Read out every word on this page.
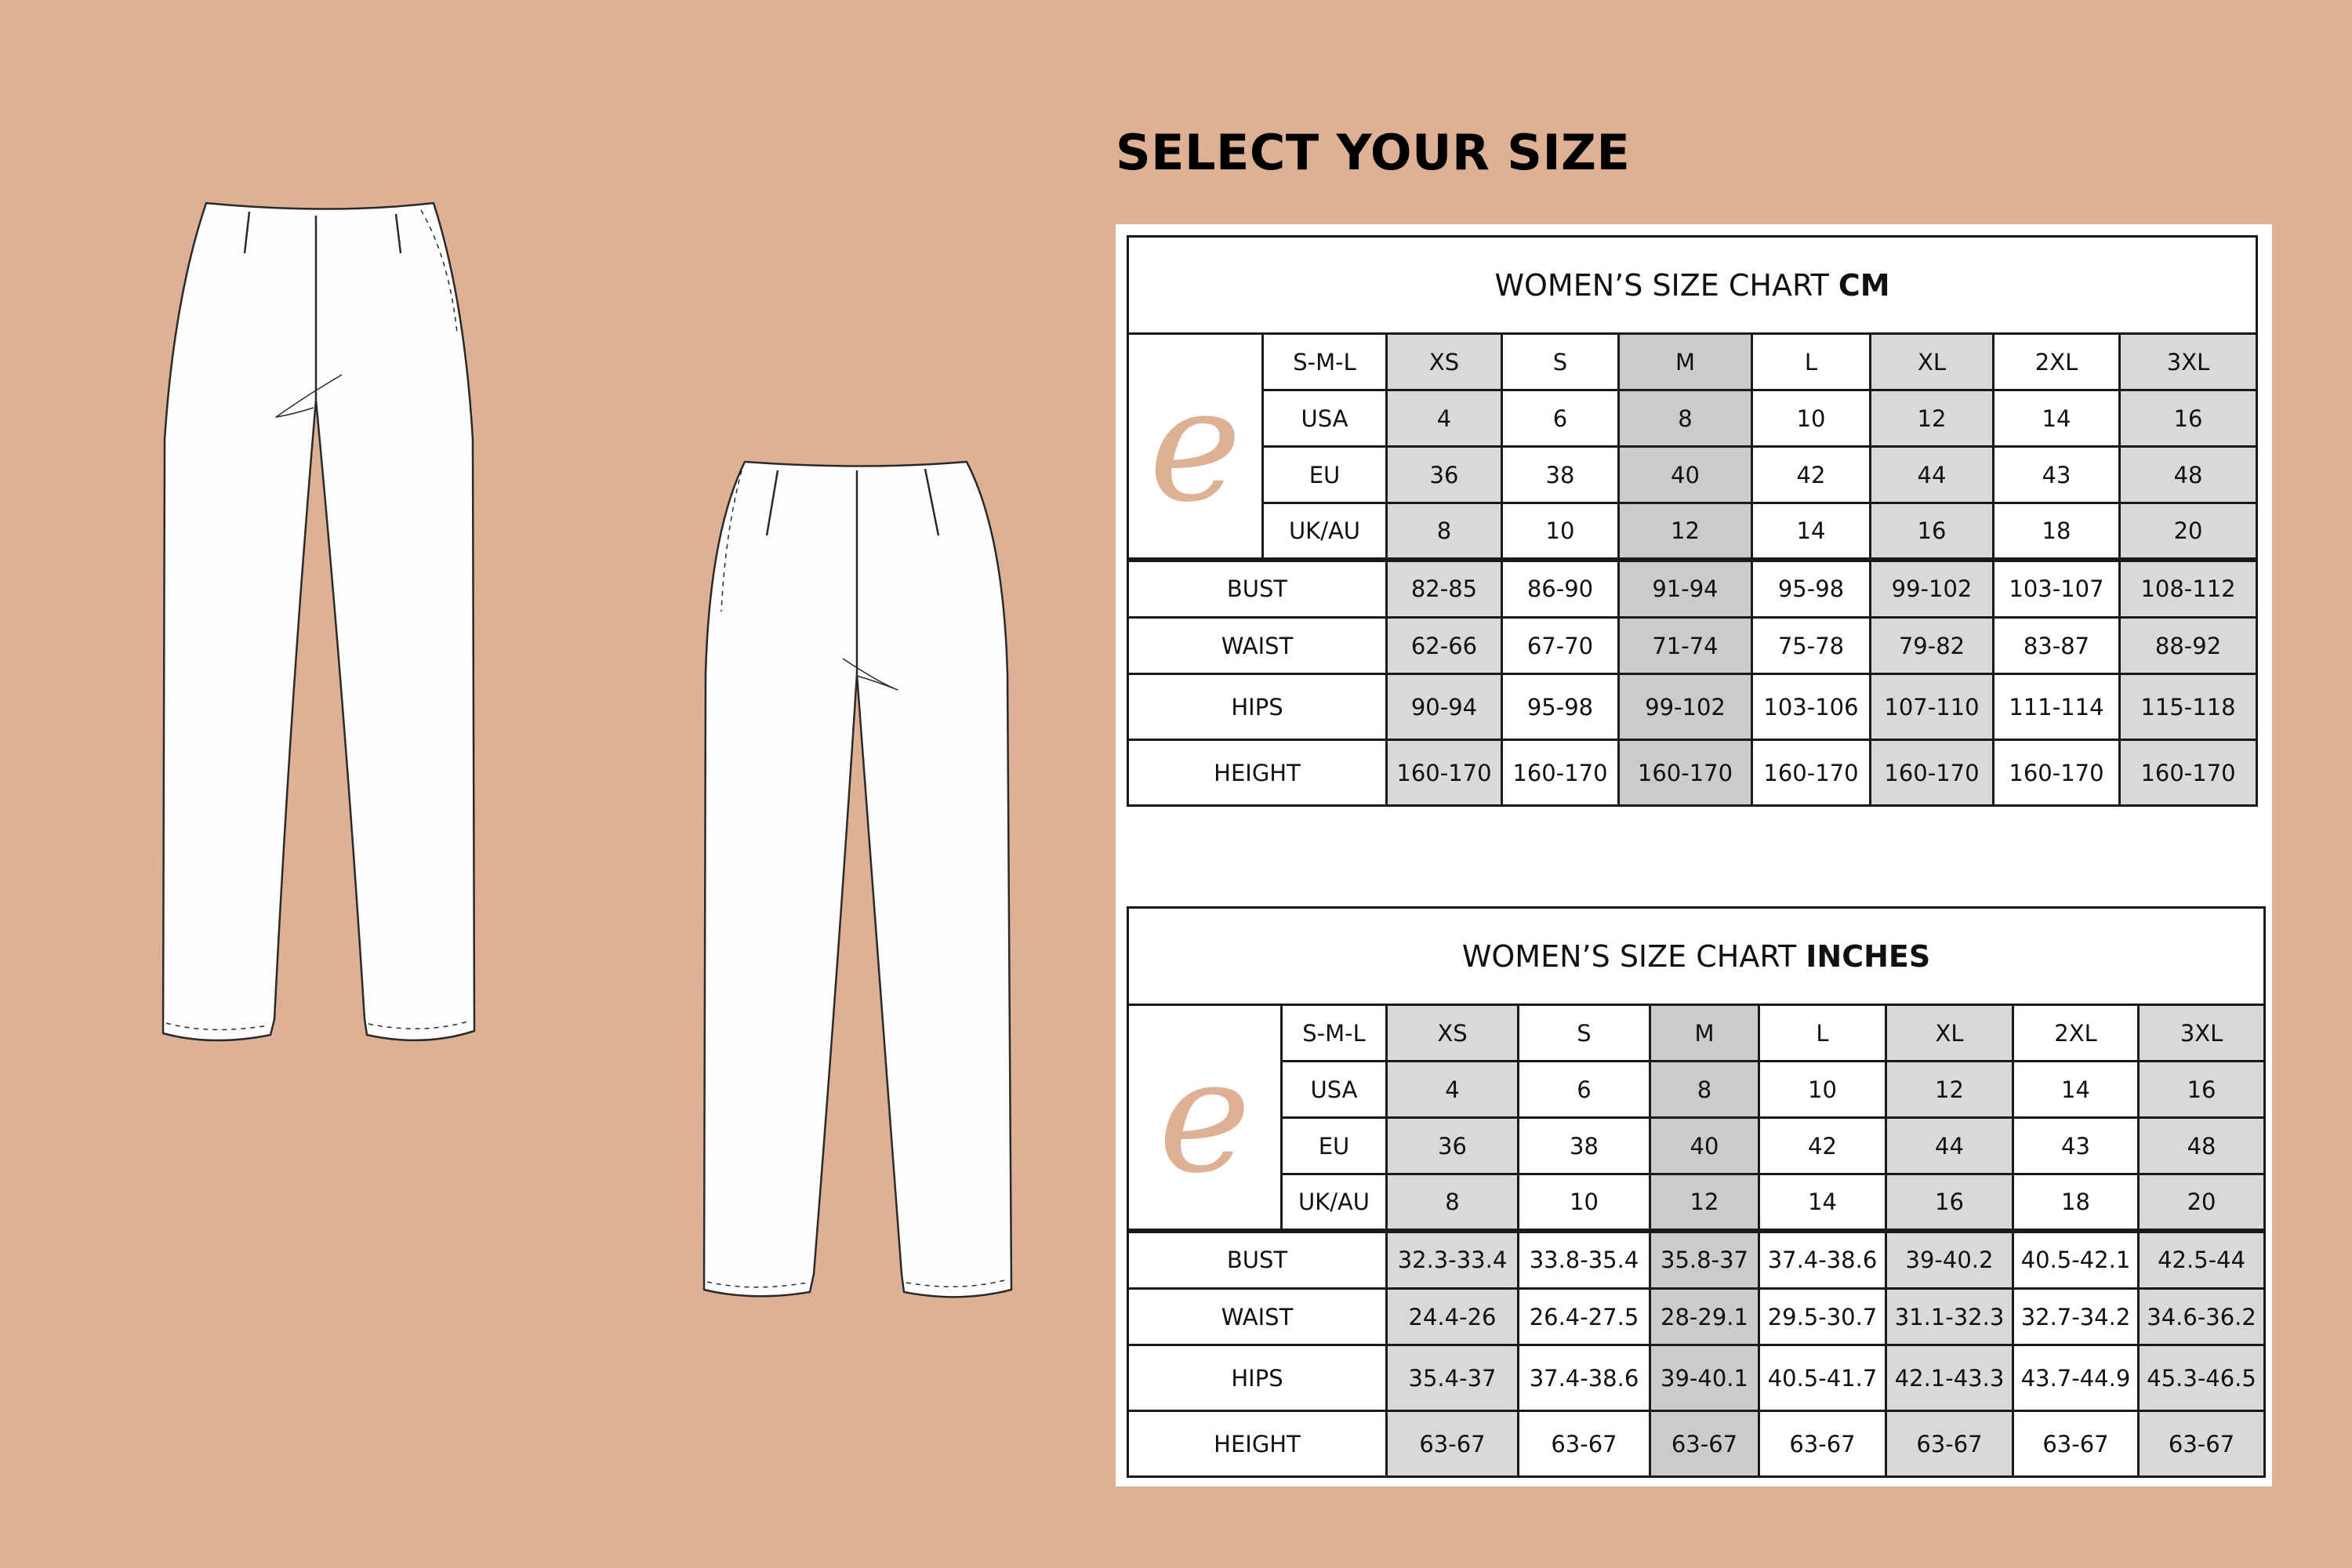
SELECT YOUR SIZE
WOMEN’S SIZE CHART CM								
e	S-M-L	XS	S	M	L	XL	2XL	3XL
	USA	4	6	8	10	12	14	16
	EU	36	38	40	42	44	43	48
	UK/AU	8	10	12	14	16	18	20
BUST		82-85	86-90	91-94	95-98	99-102	103-107	108-112
WAIST		62-66	67-70	71-74	75-78	79-82	83-87	88-92
HIPS		90-94	95-98	99-102	103-106	107-110	111-114	115-118
HEIGHT		160-170	160-170	160-170	160-170	160-170	160-170	160-170
WOMEN’S SIZE CHART INCHES								
e	S-M-L	XS	S	M	L	XL	2XL	3XL
	USA	4	6	8	10	12	14	16
	EU	36	38	40	42	44	43	48
	UK/AU	8	10	12	14	16	18	20
BUST		32.3-33.4	33.8-35.4	35.8-37	37.4-38.6	39-40.2	40.5-42.1	42.5-44
WAIST		24.4-26	26.4-27.5	28-29.1	29.5-30.7	31.1-32.3	32.7-34.2	34.6-36.2
HIPS		35.4-37	37.4-38.6	39-40.1	40.5-41.7	42.1-43.3	43.7-44.9	45.3-46.5
HEIGHT		63-67	63-67	63-67	63-67	63-67	63-67	63-67
